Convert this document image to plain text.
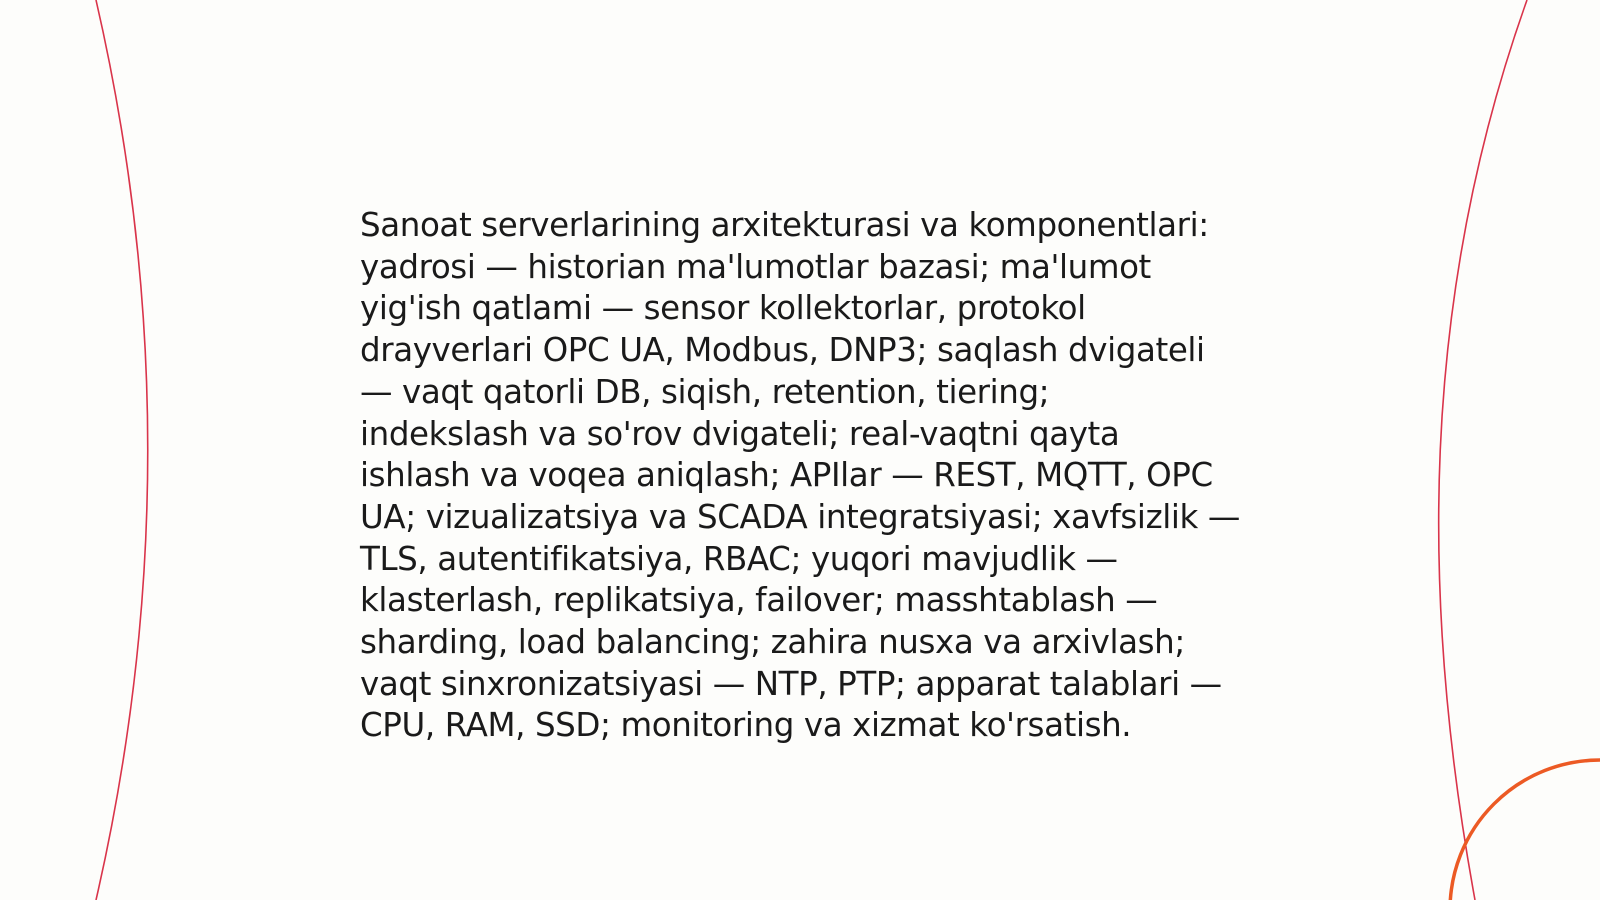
Sanoat serverlarining arxitekturasi va komponentlari:
yadrosi — historian ma'lumotlar bazasi; ma'lumot
yig'ish qatlami — sensor kollektorlar, protokol
drayverlari OPC UA, Modbus, DNP3; saqlash dvigateli
— vaqt qatorli DB, siqish, retention, tiering;
indekslash va so'rov dvigateli; real-vaqtni qayta
ishlash va voqea aniqlash; APIlar — REST, MQTT, OPC
UA; vizualizatsiya va SCADA integratsiyasi; xavfsizlik —
TLS, autentifikatsiya, RBAC; yuqori mavjudlik —
klasterlash, replikatsiya, failover; masshtablash —
sharding, load balancing; zahira nusxa va arxivlash;
vaqt sinxronizatsiyasi — NTP, PTP; apparat talablari —
CPU, RAM, SSD; monitoring va xizmat ko'rsatish.
